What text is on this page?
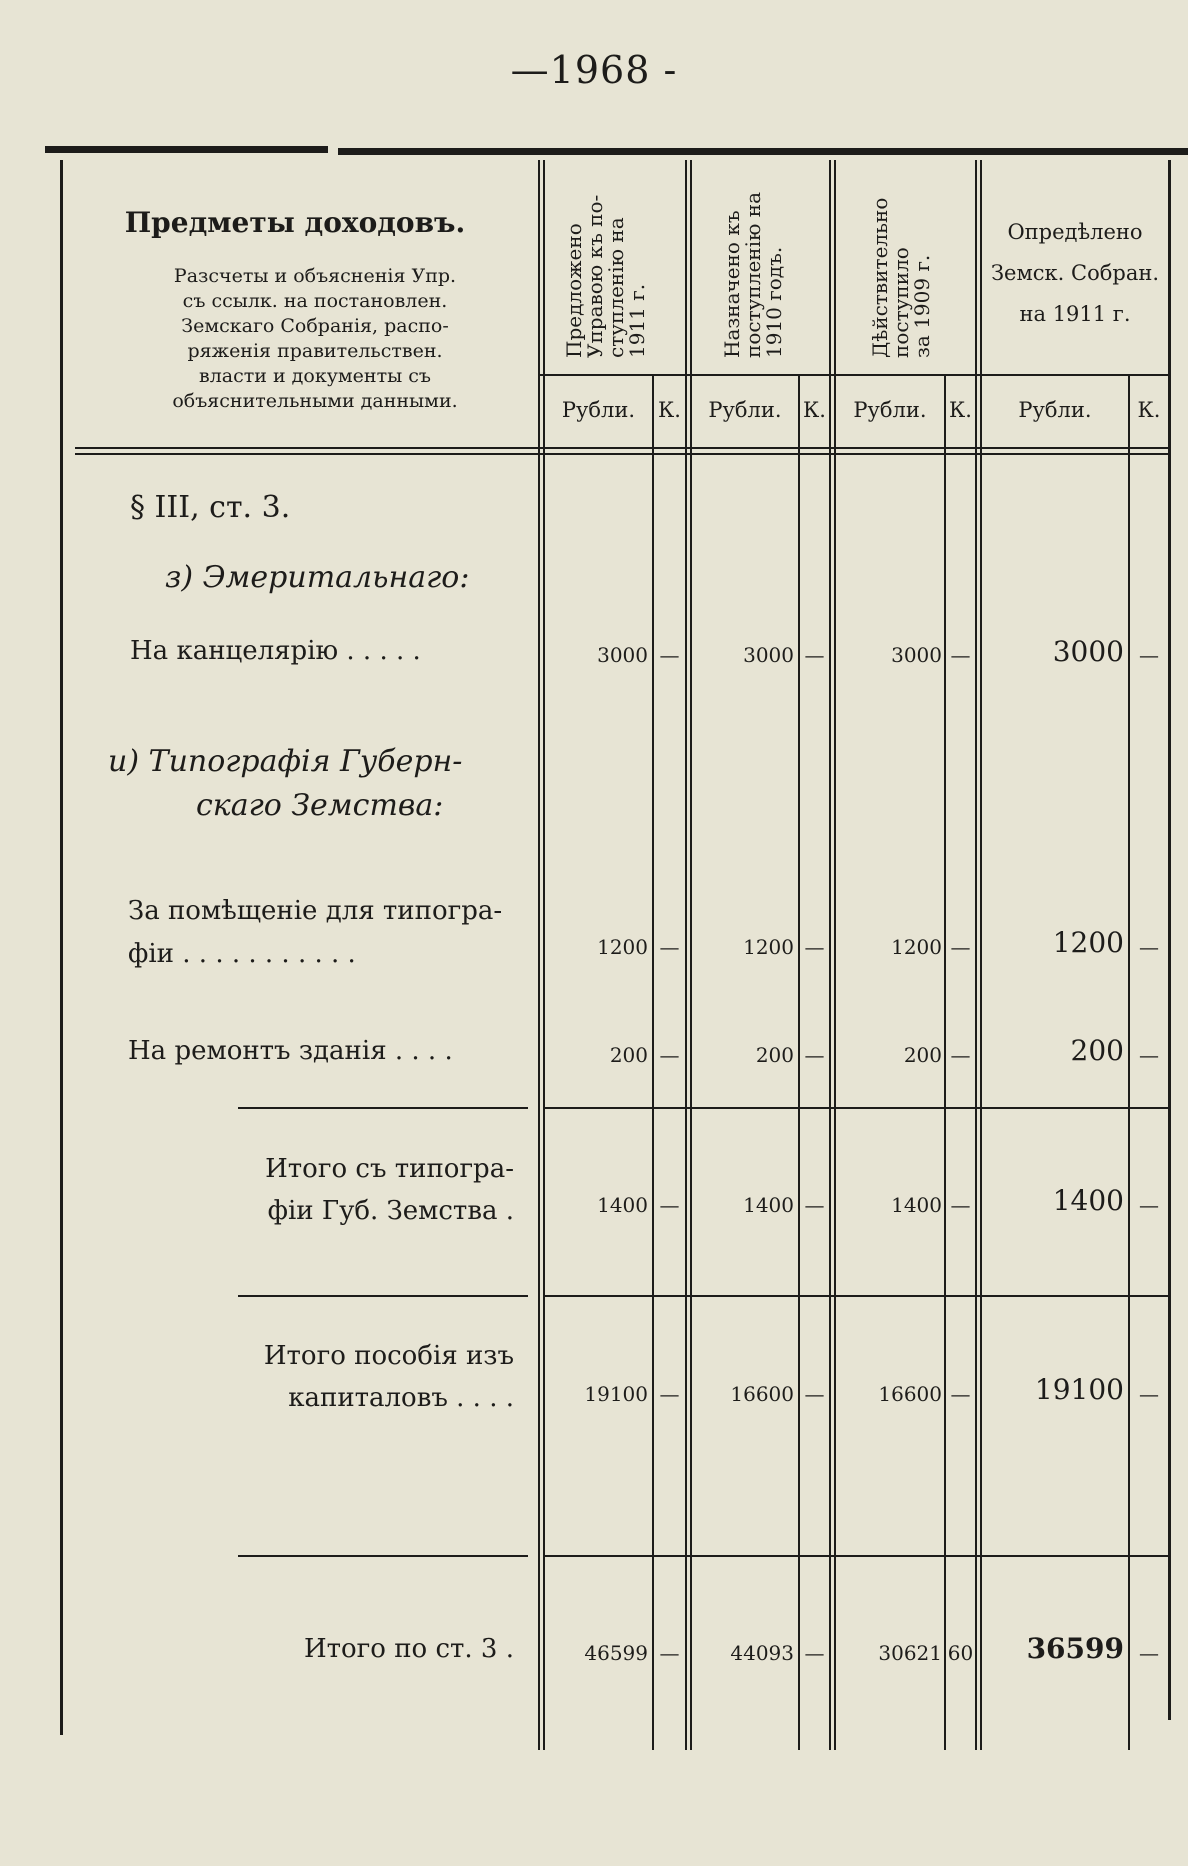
—1968 -
Предметы доходовъ.
Разсчеты и объясненія Упр.
съ ссылк. на постановлен.
Земскаго Собранія, распо-
ряженія правительствен.
власти и документы съ
объяснительными данными.
Предложено
Управою къ по-
ступленію на
1911 г.	Назначено къ
поступленію на
1910 годъ.	Дѣйствительно
поступило
за 1909 г.
Опредѣлено
Земск. Собран.
на 1911 г.
Рубли.	К.	Рубли.	К.	Рубли.	К.	Рубли.	К.
§ III, ст. 3.
з) Эмеритальнаго:
На канцелярію . . . . .	3000 —	3000 —	3000 —	3000 —
и) Типографія Губерн-
скаго Земства:
За помѣщеніе для типогра-
фіи . . . . . . . . . . .	1200 —	1200 —	1200 —	1200 —
На ремонтъ зданія . . . .	200 —	200 —	200 —	200 —
Итого съ типогра-
фіи Губ. Земства .	1400 —	1400 —	1400 —	1400 —
Итого пособія изъ
капиталовъ . . . .	19100 —	16600 —	16600 —	19100 —
Итого по ст. 3 .	46599 —	44093 —	30621 60	36599 —
